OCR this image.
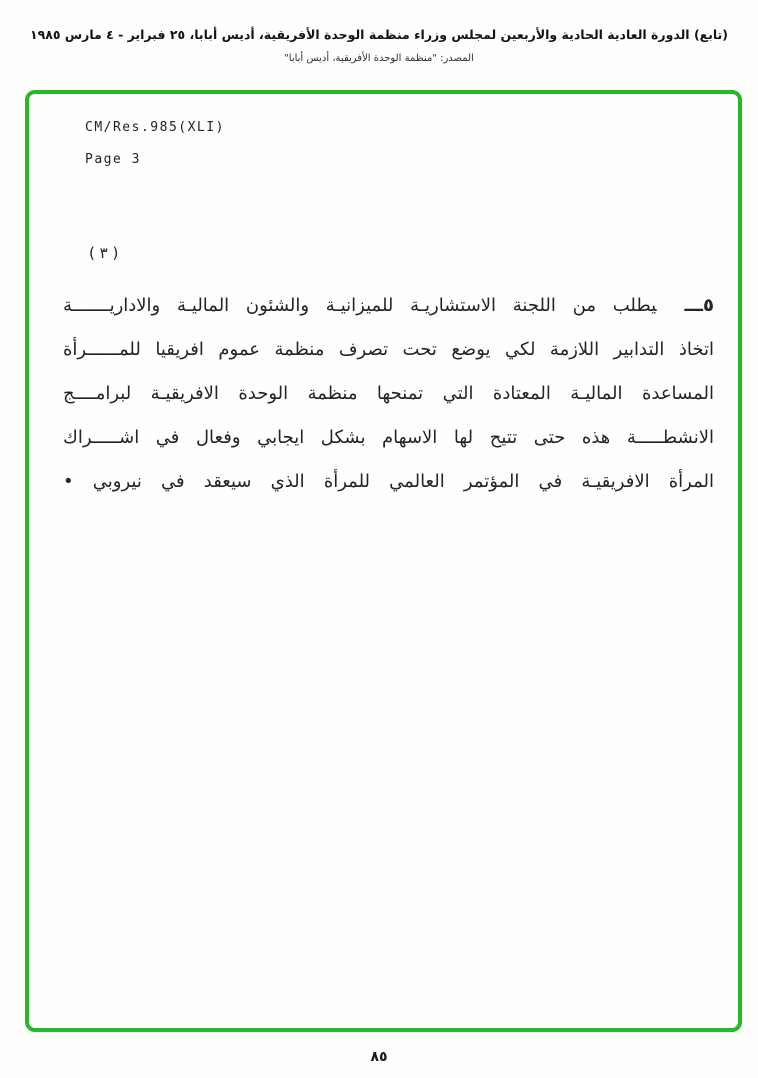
(تابع) الدورة العادية الحادية والأربعين لمجلس وزراء منظمة الوحدة الأفريقية، أديس أبابا، ٢٥ فبراير - ٤ مارس ١٩٨٥
المصدر: "منظمة الوحدة الأفريقية، أديس أبابا"
CM/Res.985(XLI)
Page 3
( ٣ )
٥ـــيطلب من اللجنة الاستشاريـة للميزانيـة والشئون الماليـة والاداريـــــــة
اتخاذ التدابير اللازمة لكي يوضع تحت تصرف منظمة عموم افريقيا للمــــــرأة
المساعدة الماليـة المعتادة التي تمنحها منظمة الوحدة الافريقيـة لبرامــــج
الانشطـــــة هذه حتى تتيح لها الاسهام بشكل ايجابي وفعال في اشـــــراك
المرأة الافريقيـة في المؤتمر العالمي للمرأة الذي سيعقد في نيروبي •
٨٥
